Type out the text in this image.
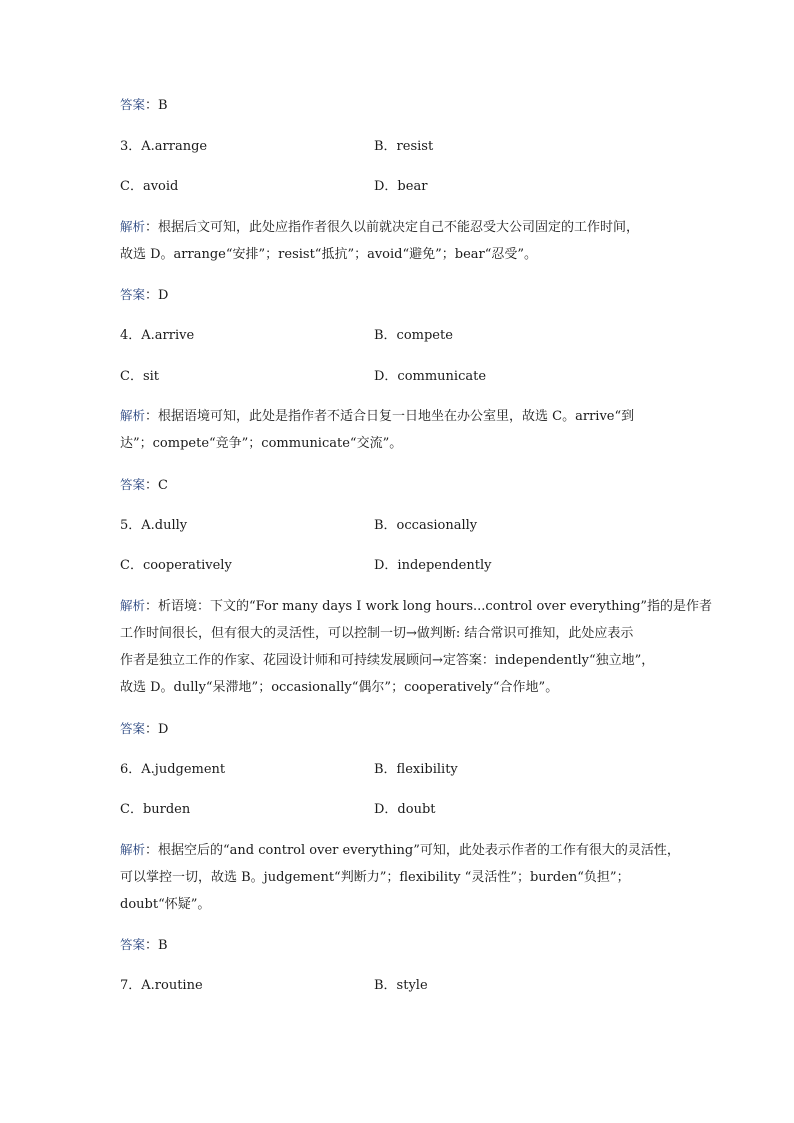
答案：B
3．A.arrange	B．resist
C．avoid	D．bear
解析：根据后文可知，此处应指作者很久以前就决定自己不能忍受大公司固定的工作时间，
故选 D。arrange“安排”；resist“抵抗”；avoid“避免”；bear“忍受”。
答案：D
4．A.arrive	B．compete
C．sit	D．communicate
解析：根据语境可知，此处是指作者不适合日复一日地坐在办公室里，故选 C。arrive“到
达”；compete“竞争”；communicate“交流”。
答案：C
5．A.dully	B．occasionally
C．cooperatively	D．independently
解析：析语境：下文的“For many days I work long hours...control over everything”指的是作者
工作时间很长，但有很大的灵活性，可以控制一切→做判断: 结合常识可推知，此处应表示
作者是独立工作的作家、花园设计师和可持续发展顾问→定答案：independently“独立地”，
故选 D。dully“呆滞地”；occasionally“偶尔”；cooperatively“合作地”。
答案：D
6．A.judgement	B．flexibility
C．burden	D．doubt
解析：根据空后的“and control over everything”可知，此处表示作者的工作有很大的灵活性，
可以掌控一切，故选 B。judgement“判断力”；flexibility “灵活性”；burden“负担”；
doubt“怀疑”。
答案：B
7．A.routine	B．style
